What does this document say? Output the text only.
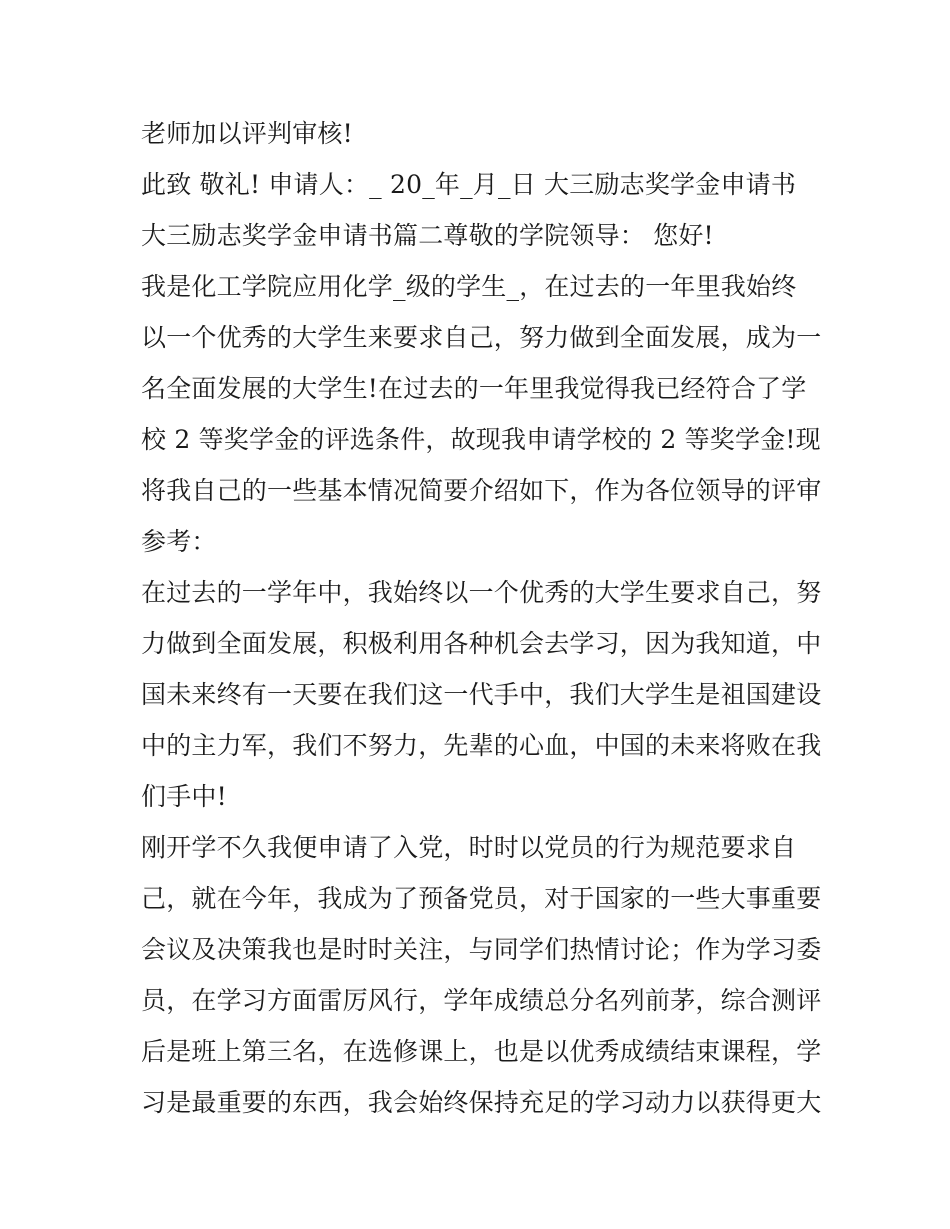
老师加以评判审核!
此致 敬礼! 申请人：_ 20_年_月_日 大三励志奖学金申请书
大三励志奖学金申请书篇二尊敬的学院领导： 您好!
我是化工学院应用化学_级的学生_，在过去的一年里我始终
以一个优秀的大学生来要求自己，努力做到全面发展，成为一
名全面发展的大学生!在过去的一年里我觉得我已经符合了学
校 2 等奖学金的评选条件，故现我申请学校的 2 等奖学金!现
将我自己的一些基本情况简要介绍如下，作为各位领导的评审
参考：
在过去的一学年中，我始终以一个优秀的大学生要求自己，努
力做到全面发展，积极利用各种机会去学习，因为我知道，中
国未来终有一天要在我们这一代手中，我们大学生是祖国建设
中的主力军，我们不努力，先辈的心血，中国的未来将败在我
们手中!
刚开学不久我便申请了入党，时时以党员的行为规范要求自
己，就在今年，我成为了预备党员，对于国家的一些大事重要
会议及决策我也是时时关注，与同学们热情讨论；作为学习委
员，在学习方面雷厉风行，学年成绩总分名列前茅，综合测评
后是班上第三名，在选修课上，也是以优秀成绩结束课程，学
习是最重要的东西，我会始终保持充足的学习动力以获得更大
